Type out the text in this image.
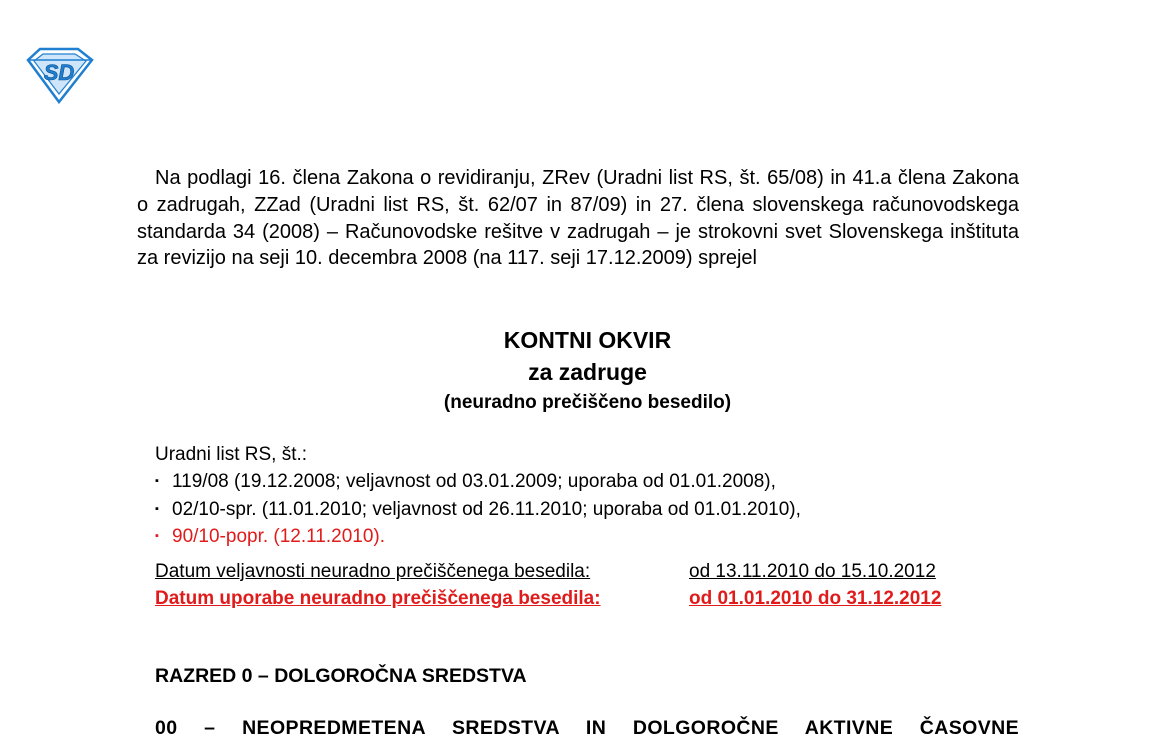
SD

Na podlagi 16. člena Zakona o revidiranju, ZRev (Uradni list RS, št. 65/08) in 41.a člena Zakona o zadrugah, ZZad (Uradni list RS, št. 62/07 in 87/09) in 27. člena slovenskega računovodskega standarda 34 (2008) – Računovodske rešitve v zadrugah – je strokovni svet Slovenskega inštituta za revizijo na seji 10. decembra 2008 (na 117. seji 17.12.2009) sprejel

KONTNI OKVIR
za zadruge
(neuradno prečiščeno besedilo)

Uradni list RS, št.:

▪ 119/08 (19.12.2008; veljavnost od 03.01.2009; uporaba od 01.01.2008),
▪ 02/10-spr. (11.01.2010; veljavnost od 26.11.2010; uporaba od 01.01.2010),
▪ 90/10-popr. (12.11.2010).
Datum veljavnosti neuradno prečiščenega besedila:	od 13.11.2010 do 15.10.2012
Datum uporabe neuradno prečiščenega besedila:	od 01.01.2010 do 31.12.2012
RAZRED 0 – DOLGOROČNA SREDSTVA
00 – NEOPREDMETENA SREDSTVA IN DOLGOROČNE AKTIVNE ČASOVNE
